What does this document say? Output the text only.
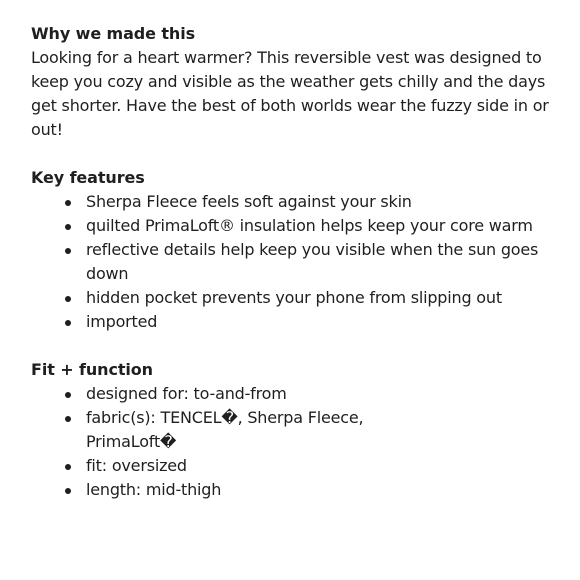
Why we made this

Looking for a heart warmer? This reversible vest was designed to keep you cozy and visible as the weather gets chilly and the days get shorter. Have the best of both worlds wear the fuzzy side in or out!

Key features
Sherpa Fleece feels soft against your skin
quilted PrimaLoft® insulation helps keep your core warm
reflective details help keep you visible when the sun goes down
hidden pocket prevents your phone from slipping out
imported
Fit + function
designed for: to-and-from
fabric(s): TENCEL�, Sherpa Fleece, PrimaLoft�
fit: oversized
length: mid-thigh
